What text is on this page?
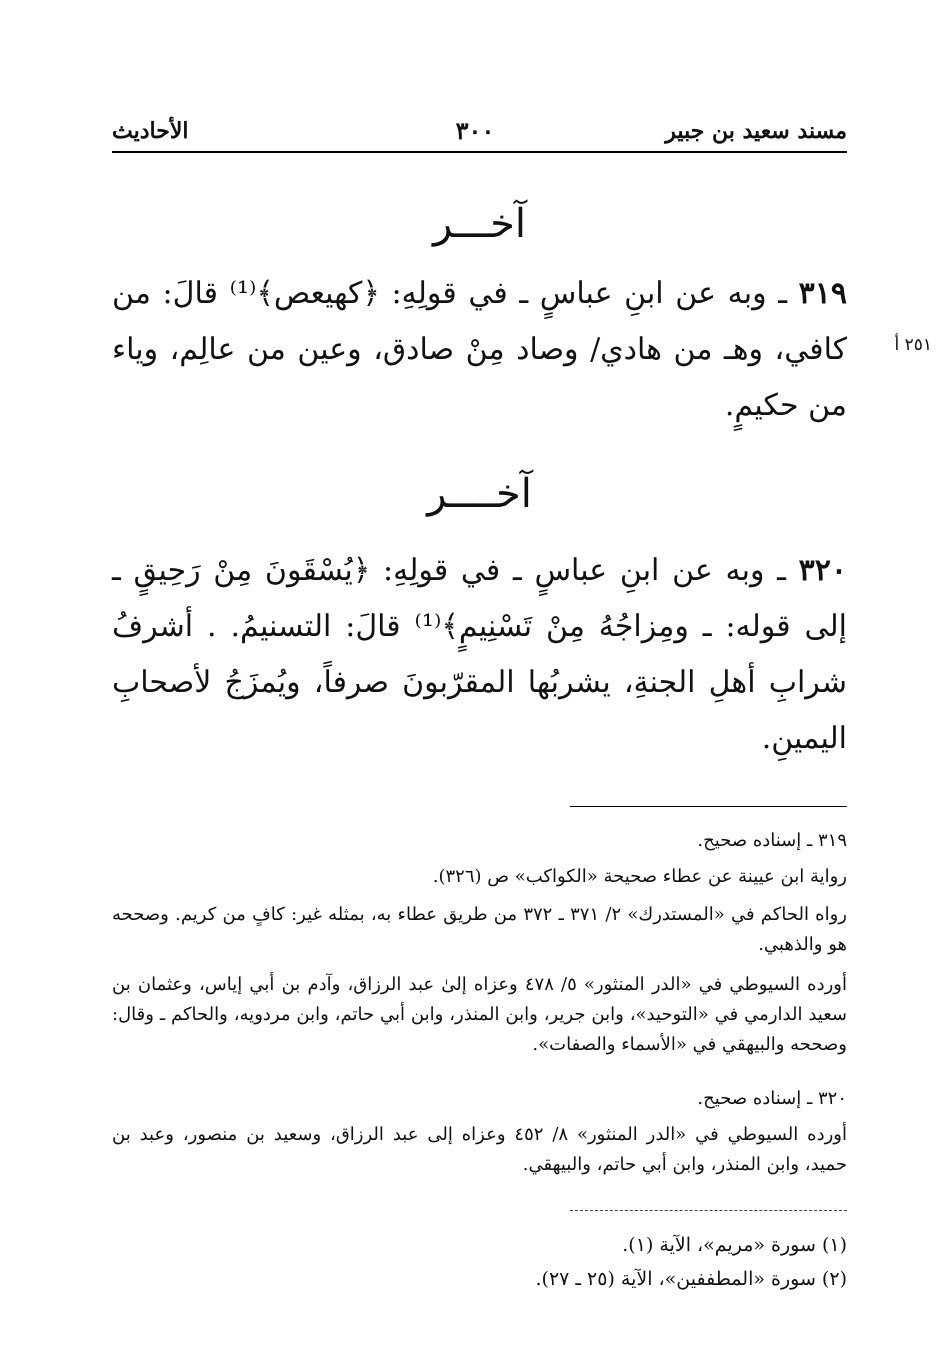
مسند سعيد بن جبير
٣٠٠
الأحاديث
آخـــر
٣١٩ ـ وبه عن ابنِ عباسٍ ـ في قولِهِ: ﴿كهيعص﴾⁽¹⁾ قالَ: من كافي، وهـ من هادي/ وصاد مِنْ صادق، وعين من عالِم، وياء من حكيمٍ.
٢٥١ أ
آخــــر
٣٢٠ ـ وبه عن ابنِ عباسٍ ـ في قولِهِ: ﴿يُسْقَونَ مِنْ رَحِيقٍ ـ إلى قوله: ـ ومِزاجُهُ مِنْ تَسْنِيمٍ﴾⁽¹⁾ قالَ: التسنيمُ. . أشرفُ شرابِ أهلِ الجنةِ، يشربُها المقرّبونَ صرفاً، ويُمزَجُ لأصحابِ اليمينِ.
٣١٩ ـ إسناده صحيح.
رواية ابن عيينة عن عطاء صحيحة «الكواكب» ص (٣٢٦).
رواه الحاكم في «المستدرك» ٢/ ٣٧١ ـ ٣٧٢ من طريق عطاء به، بمثله غير: كافٍ من كريم. وصححه هو والذهبي.
أورده السيوطي في «الدر المنثور» ٥/ ٤٧٨ وعزاه إلىٰ عبد الرزاق، وآدم بن أبي إياس، وعثمان بن سعيد الدارمي في «التوحيد»، وابن جرير، وابن المنذر، وابن أبي حاتم، وابن مردويه، والحاكم ـ وقال: وصححه والبيهقي في «الأسماء والصفات».
٣٢٠ ـ إسناده صحيح.
أورده السيوطي في «الدر المنثور» ٨/ ٤٥٢ وعزاه إلى عبد الرزاق، وسعيد بن منصور، وعبد بن حميد، وابن المنذر، وابن أبي حاتم، والبيهقي.
(١) سورة «مريم»، الآية (١).
(٢) سورة «المطففين»، الآية (٢٥ ـ ٢٧).
